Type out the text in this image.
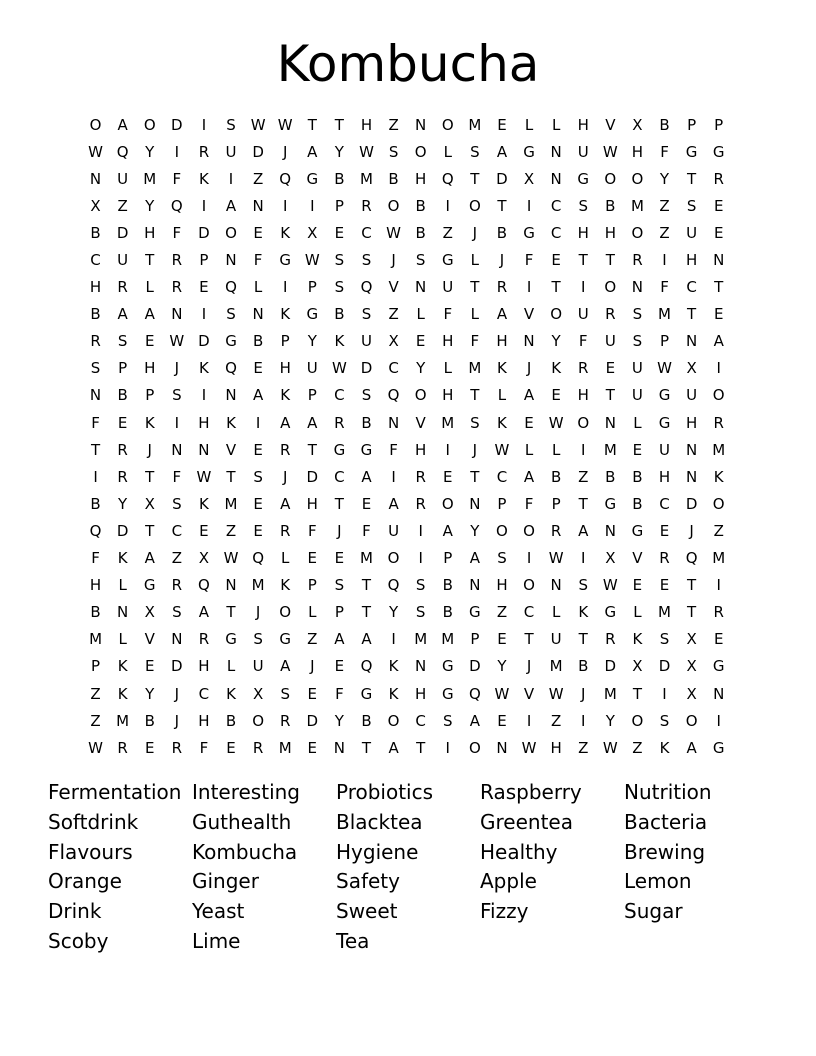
Kombucha
O	A	O	D	I	S W W	T	T	H	Z	N	O M	E	L	L	H	V	X	B	P	P
W Q	Y	I	R	U	D	J	A	Y	W S	O	L	S	A	G	N	U W H	F	G	G
N	U	M	F	K	I	Z	Q	G	B	M	B	H	Q	T	D	X	N	G	O	O	Y	T	R
X	Z	Y	Q	I	A	N	I	I	P	R	O	B	I	O	T	I	C	S	B	M	Z	S	E
B	D	H	F	D	O	E	K	X	E	C W B	Z	J	B	G	C	H	H	O	Z	U	E
C	U	T	R	P	N	F	G W S	S	J	S	G	L	J	F	E	T	T	R	I	H	N
H	R	L	R	E	Q	L	I	P	S	Q	V	N	U	T	R	I	T	I	O	N	F	C	T
B	A	A	N	I	S	N	K	G	B	S	Z	L	F	L	A	V	O	U	R	S	M	T	E
R	S	E W D	G	B	P	Y	K	U	X	E	H	F	H	N	Y	F	U	S	P	N	A
S	P	H	J	K	Q	E	H	U W D	C	Y	L	M	K	J	K	R	E	U W X	I
N	B	P	S	I	N	A	K	P	C	S	Q	O	H	T	L	A	E	H	T	U	G	U	O
F	E	K	I	H	K	I	A	A	R	B	N	V	M	S	K	E W O	N	L	G	H	R
T	R	J	N	N	V	E	R	T	G	G	F	H	I	J	W	L	L	I	M	E	U	N	M
I	R	T	F	W	T	S	J	D	C	A	I	R	E	T	C	A	B	Z	B	B	H	N	K
B	Y	X	S	K	M	E	A	H	T	E	A	R	O	N	P	F	P	T	G	B	C	D	O
Q	D	T	C	E	Z	E	R	F	J	F	U	I	A	Y	O	O	R	A	N	G	E	J	Z
F	K	A	Z	X W Q	L	E	E	M O	I	P	A	S	I	W	I	X	V	R	Q M
H	L	G	R	Q	N	M	K	P	S	T	Q	S	B	N	H	O	N	S W E	E	T	I
B	N	X	S	A	T	J	O	L	P	T	Y	S	B	G	Z	C	L	K	G	L	M	T	R
M	L	V	N	R	G	S	G	Z	A	A	I	M M	P	E	T	U	T	R	K	S	X	E
P	K	E	D	H	L	U	A	J	E	Q	K	N	G	D	Y	J	M	B	D	X	D	X	G
Z	K	Y	J	C	K	X	S	E	F	G	K	H	G	Q W V W	J	M	T	I	X	N
Z	M	B	J	H	B	O	R	D	Y	B	O	C	S	A	E	I	Z	I	Y	O	S	O	I
W R	E	R	F	E	R	M	E	N	T	A	T	I	O	N W H	Z W Z	K	A	G
Fermentation
Softdrink
Flavours
Orange
Drink
Scoby
Interesting
Guthealth
Kombucha
Ginger
Yeast
Lime
Probiotics
Blacktea
Hygiene
Safety
Sweet
Tea
Raspberry
Greentea
Healthy
Apple
Fizzy
Nutrition
Bacteria
Brewing
Lemon
Sugar
